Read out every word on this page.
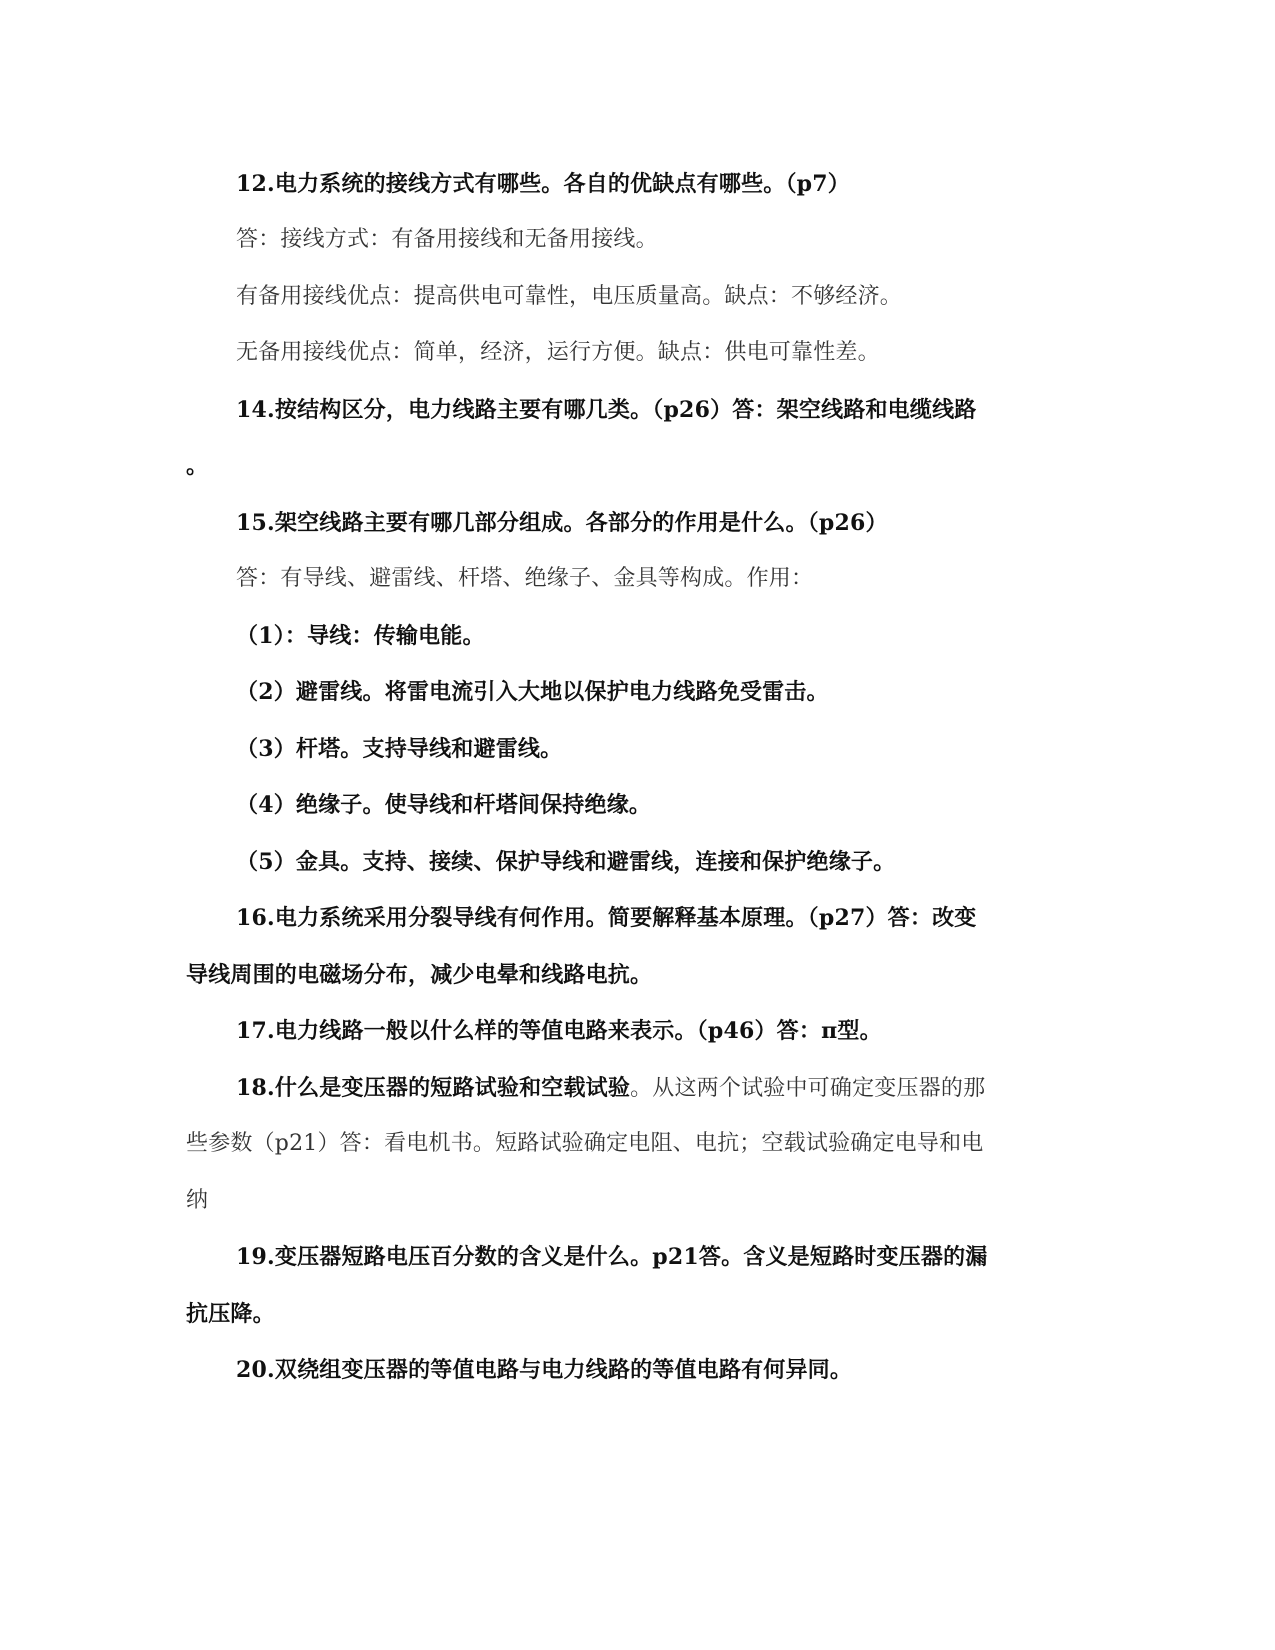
12.电力系统的接线方式有哪些。各自的优缺点有哪些。（p7）
答：接线方式：有备用接线和无备用接线。
有备用接线优点：提高供电可靠性，电压质量高。缺点：不够经济。
无备用接线优点：简单，经济，运行方便。缺点：供电可靠性差。
14.按结构区分，电力线路主要有哪几类。（p26）答：架空线路和电缆线路
。
15.架空线路主要有哪几部分组成。各部分的作用是什么。（p26）
答：有导线、避雷线、杆塔、绝缘子、金具等构成。作用：
（1）：导线：传输电能。
（2）避雷线。将雷电流引入大地以保护电力线路免受雷击。
（3）杆塔。支持导线和避雷线。
（4）绝缘子。使导线和杆塔间保持绝缘。
（5）金具。支持、接续、保护导线和避雷线，连接和保护绝缘子。
16.电力系统采用分裂导线有何作用。简要解释基本原理。（p27）答：改变
导线周围的电磁场分布，减少电晕和线路电抗。
17.电力线路一般以什么样的等值电路来表示。（p46）答：π型。
18.什么是变压器的短路试验和空载试验。从这两个试验中可确定变压器的那
些参数（p21）答：看电机书。短路试验确定电阻、电抗；空载试验确定电导和电
纳
19.变压器短路电压百分数的含义是什么。p21答。含义是短路时变压器的漏
抗压降。
20.双绕组变压器的等值电路与电力线路的等值电路有何异同。
